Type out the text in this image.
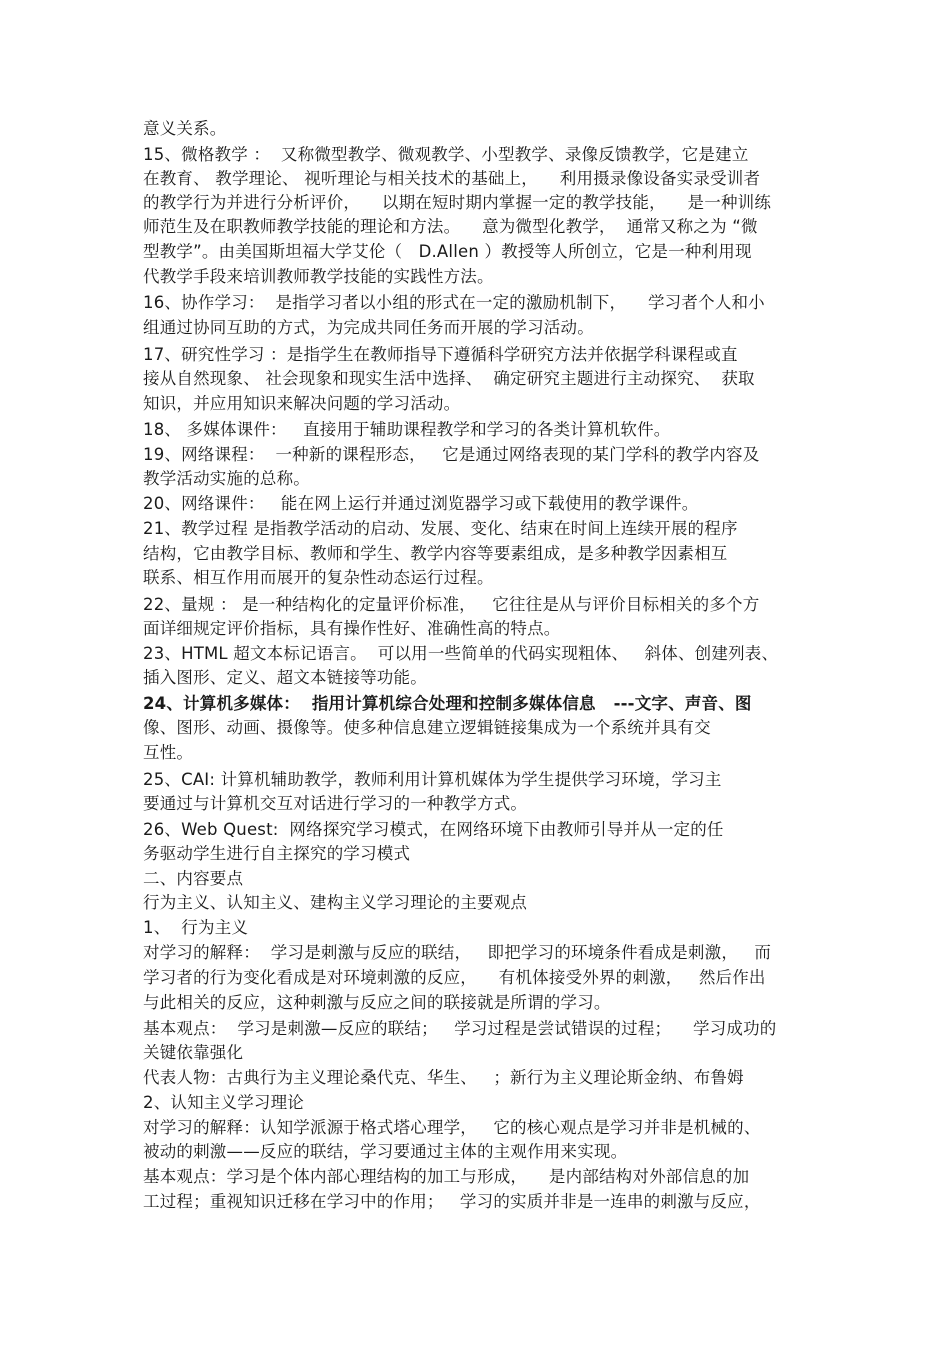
意义关系。
15、微格教学 ：  又称微型教学、微观教学、小型教学、录像反馈教学，它是建立
在教育、 教学理论、 视听理论与相关技术的基础上，    利用摄录像设备实录受训者
的教学行为并进行分析评价，    以期在短时期内掌握一定的教学技能，    是一种训练
师范生及在职教师教学技能的理论和方法。    意为微型化教学，  通常又称之为 “微
型教学”。由美国斯坦福大学艾伦（   D.Allen ）教授等人所创立，它是一种利用现
代教学手段来培训教师教学技能的实践性方法。
16、协作学习：  是指学习者以小组的形式在一定的激励机制下，    学习者个人和小
组通过协同互助的方式，为完成共同任务而开展的学习活动。
17、研究性学习 ：是指学生在教师指导下遵循科学研究方法并依据学科课程或直
接从自然现象、 社会现象和现实生活中选择、  确定研究主题进行主动探究、  获取
知识，并应用知识来解决问题的学习活动。
18、 多媒体课件：   直接用于辅助课程教学和学习的各类计算机软件。
19、网络课程：  一种新的课程形态，   它是通过网络表现的某门学科的教学内容及
教学活动实施的总称。
20、网络课件：   能在网上运行并通过浏览器学习或下载使用的教学课件。
21、教学过程 是指教学活动的启动、发展、变化、结束在时间上连续开展的程序
结构，它由教学目标、教师和学生、教学内容等要素组成，是多种教学因素相互
联系、相互作用而展开的复杂性动态运行过程。
22、量规 ： 是一种结构化的定量评价标准，   它往往是从与评价目标相关的多个方
面详细规定评价指标，具有操作性好、准确性高的特点。
23、HTML 超文本标记语言。  可以用一些简单的代码实现粗体、   斜体、创建列表、
插入图形、定义、超文本链接等功能。
24、计算机多媒体：  指用计算机综合处理和控制多媒体信息   ---文字、声音、图
像、图形、动画、摄像等。使多种信息建立逻辑链接集成为一个系统并具有交
互性。
25、CAI: 计算机辅助教学，教师利用计算机媒体为学生提供学习环境，学习主
要通过与计算机交互对话进行学习的一种教学方式。
26、Web Quest:  网络探究学习模式，在网络环境下由教师引导并从一定的任
务驱动学生进行自主探究的学习模式
二、内容要点
行为主义、认知主义、建构主义学习理论的主要观点
1、  行为主义
对学习的解释：  学习是刺激与反应的联结，   即把学习的环境条件看成是刺激，   而
学习者的行为变化看成是对环境刺激的反应，    有机体接受外界的刺激，   然后作出
与此相关的反应，这种刺激与反应之间的联接就是所谓的学习。
基本观点：  学习是刺激—反应的联结；   学习过程是尝试错误的过程；    学习成功的
关键依靠强化
代表人物：古典行为主义理论桑代克、华生、   ；新行为主义理论斯金纳、布鲁姆
2、认知主义学习理论
对学习的解释：认知学派源于格式塔心理学，   它的核心观点是学习并非是机械的、
被动的刺激——反应的联结，学习要通过主体的主观作用来实现。
基本观点：学习是个体内部心理结构的加工与形成，    是内部结构对外部信息的加
工过程；重视知识迁移在学习中的作用；   学习的实质并非是一连串的刺激与反应，
